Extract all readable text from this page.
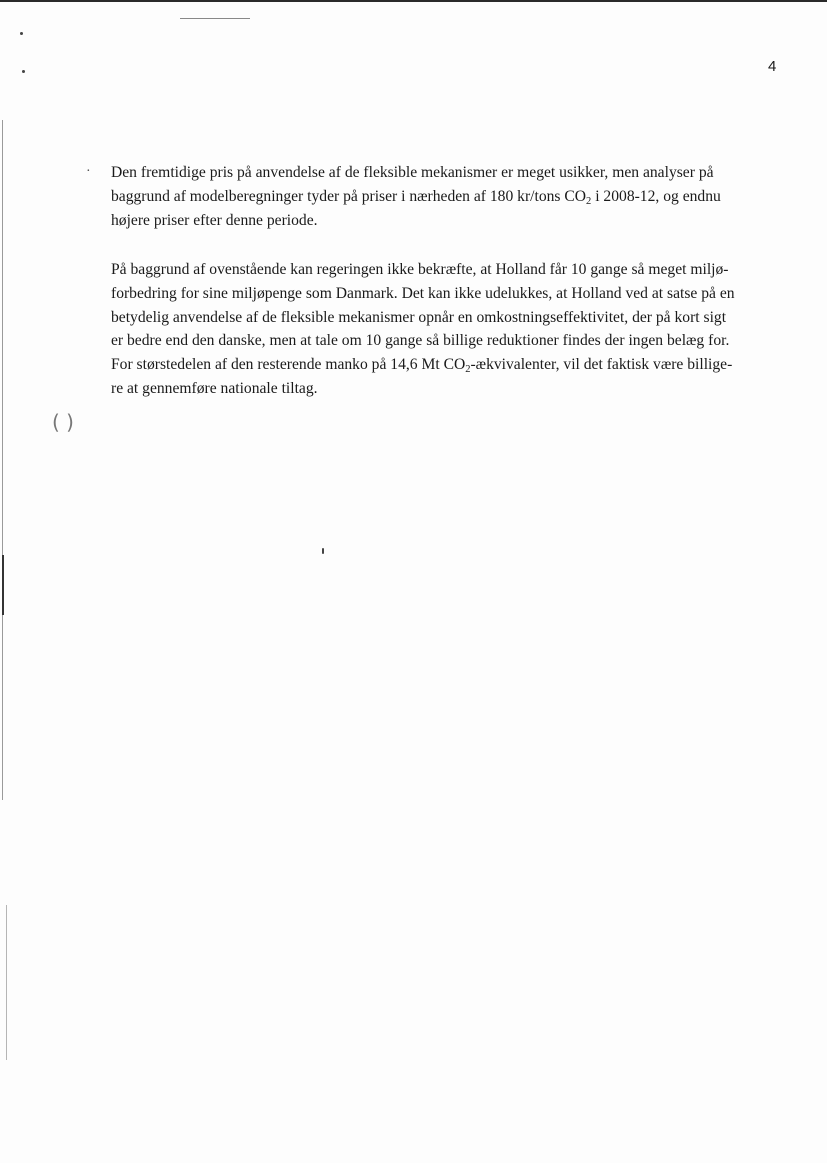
( )
4
· Den fremtidige pris på anvendelse af de fleksible mekanismer er meget usikker, men analyser på
baggrund af modelberegninger tyder på priser i nærheden af 180 kr/tons $CO_2$ i 2008-12, og endnu
højere priser efter denne periode.

På baggrund af ovenstående kan regeringen ikke bekræfte, at Holland får 10 gange så meget miljø-
forbedring for sine miljøpenge som Danmark. Det kan ikke udelukkes, at Holland ved at satse på en
betydelig anvendelse af de fleksible mekanismer opnår en omkostningseffektivitet, der på kort sigt
er bedre end den danske, men at tale om 10 gange så billige reduktioner findes der ingen belæg for.
For størstedelen af den resterende manko på 14,6 Mt $CO_2$-ækvivalenter, vil det faktisk være billige-
re at gennemføre nationale tiltag.
